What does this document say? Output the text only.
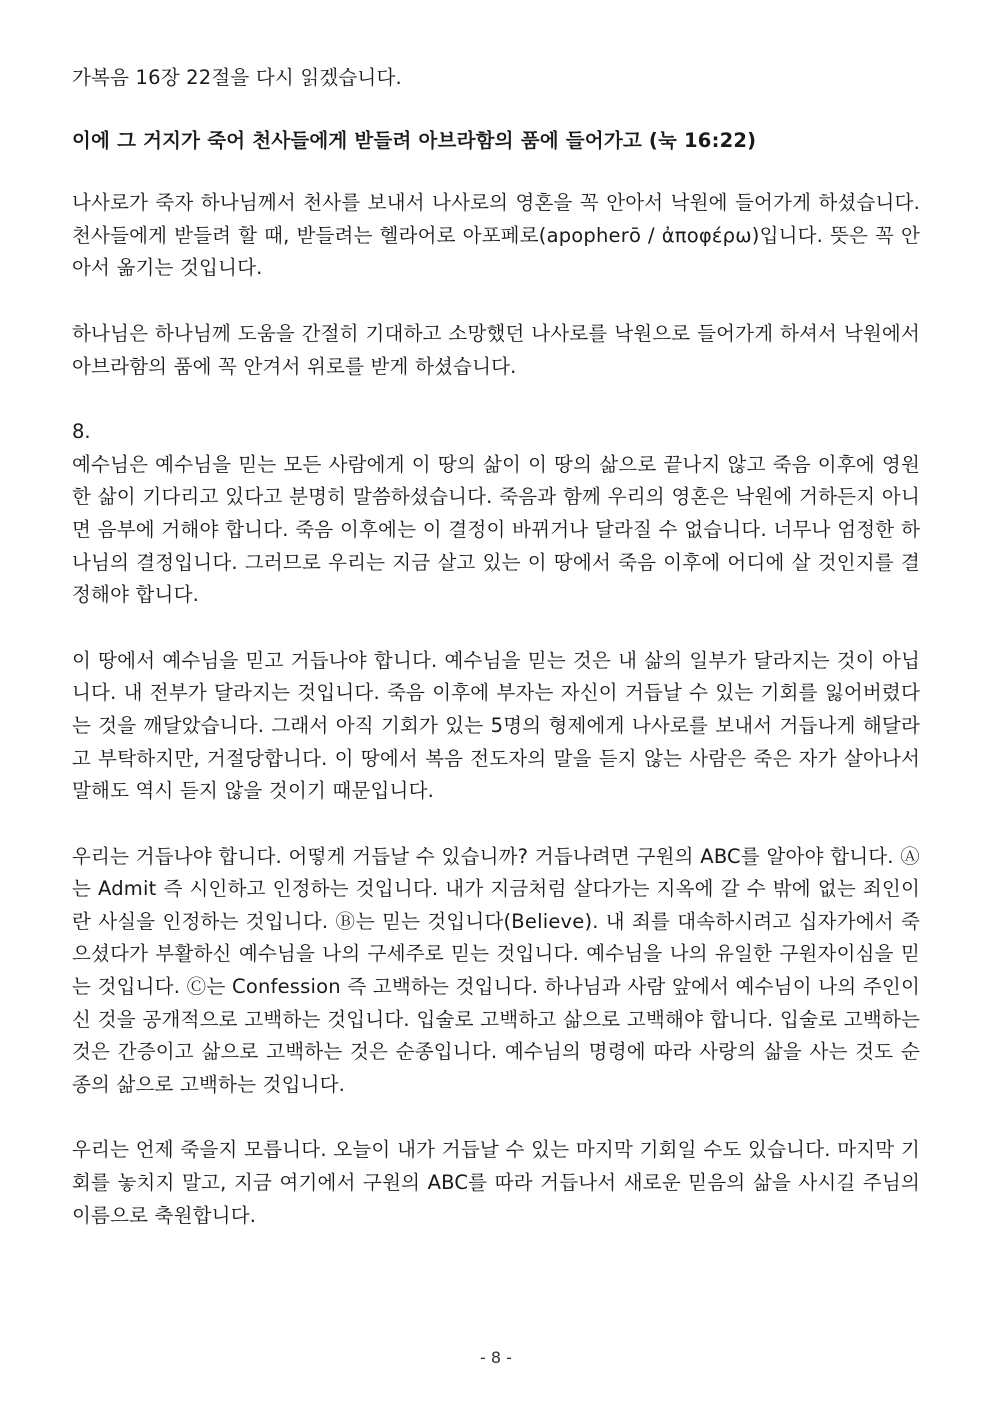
가복음 16장 22절을 다시 읽겠습니다.

이에 그 거지가 죽어 천사들에게 받들려 아브라함의 품에 들어가고 (눅 16:22)

나사로가 죽자 하나님께서 천사를 보내서 나사로의 영혼을 꼭 안아서 낙원에 들어가게 하셨습니다. 천사들에게 받들려 할 때, 받들려는 헬라어로 아포페로(apopherō / ἀποφέρω)입니다. 뜻은 꼭 안아서 옮기는 것입니다.

하나님은 하나님께 도움을 간절히 기대하고 소망했던 나사로를 낙원으로 들어가게 하셔서 낙원에서 아브라함의 품에 꼭 안겨서 위로를 받게 하셨습니다.

8.

예수님은 예수님을 믿는 모든 사람에게 이 땅의 삶이 이 땅의 삶으로 끝나지 않고 죽음 이후에 영원한 삶이 기다리고 있다고 분명히 말씀하셨습니다. 죽음과 함께 우리의 영혼은 낙원에 거하든지 아니면 음부에 거해야 합니다. 죽음 이후에는 이 결정이 바뀌거나 달라질 수 없습니다. 너무나 엄정한 하나님의 결정입니다. 그러므로 우리는 지금 살고 있는 이 땅에서 죽음 이후에 어디에 살 것인지를 결정해야 합니다.

이 땅에서 예수님을 믿고 거듭나야 합니다. 예수님을 믿는 것은 내 삶의 일부가 달라지는 것이 아닙니다. 내 전부가 달라지는 것입니다. 죽음 이후에 부자는 자신이 거듭날 수 있는 기회를 잃어버렸다는 것을 깨달았습니다. 그래서 아직 기회가 있는 5명의 형제에게 나사로를 보내서 거듭나게 해달라고 부탁하지만, 거절당합니다. 이 땅에서 복음 전도자의 말을 듣지 않는 사람은 죽은 자가 살아나서 말해도 역시 듣지 않을 것이기 때문입니다.

우리는 거듭나야 합니다. 어떻게 거듭날 수 있습니까? 거듭나려면 구원의 ABC를 알아야 합니다. Ⓐ는 Admit 즉 시인하고 인정하는 것입니다. 내가 지금처럼 살다가는 지옥에 갈 수 밖에 없는 죄인이란 사실을 인정하는 것입니다. Ⓑ는 믿는 것입니다(Believe). 내 죄를 대속하시려고 십자가에서 죽으셨다가 부활하신 예수님을 나의 구세주로 믿는 것입니다. 예수님을 나의 유일한 구원자이심을 믿는 것입니다. Ⓒ는 Confession 즉 고백하는 것입니다. 하나님과 사람 앞에서 예수님이 나의 주인이신 것을 공개적으로 고백하는 것입니다. 입술로 고백하고 삶으로 고백해야 합니다. 입술로 고백하는 것은 간증이고 삶으로 고백하는 것은 순종입니다. 예수님의 명령에 따라 사랑의 삶을 사는 것도 순종의 삶으로 고백하는 것입니다.

우리는 언제 죽을지 모릅니다. 오늘이 내가 거듭날 수 있는 마지막 기회일 수도 있습니다. 마지막 기회를 놓치지 말고, 지금 여기에서 구원의 ABC를 따라 거듭나서 새로운 믿음의 삶을 사시길 주님의 이름으로 축원합니다.

- 8 -
